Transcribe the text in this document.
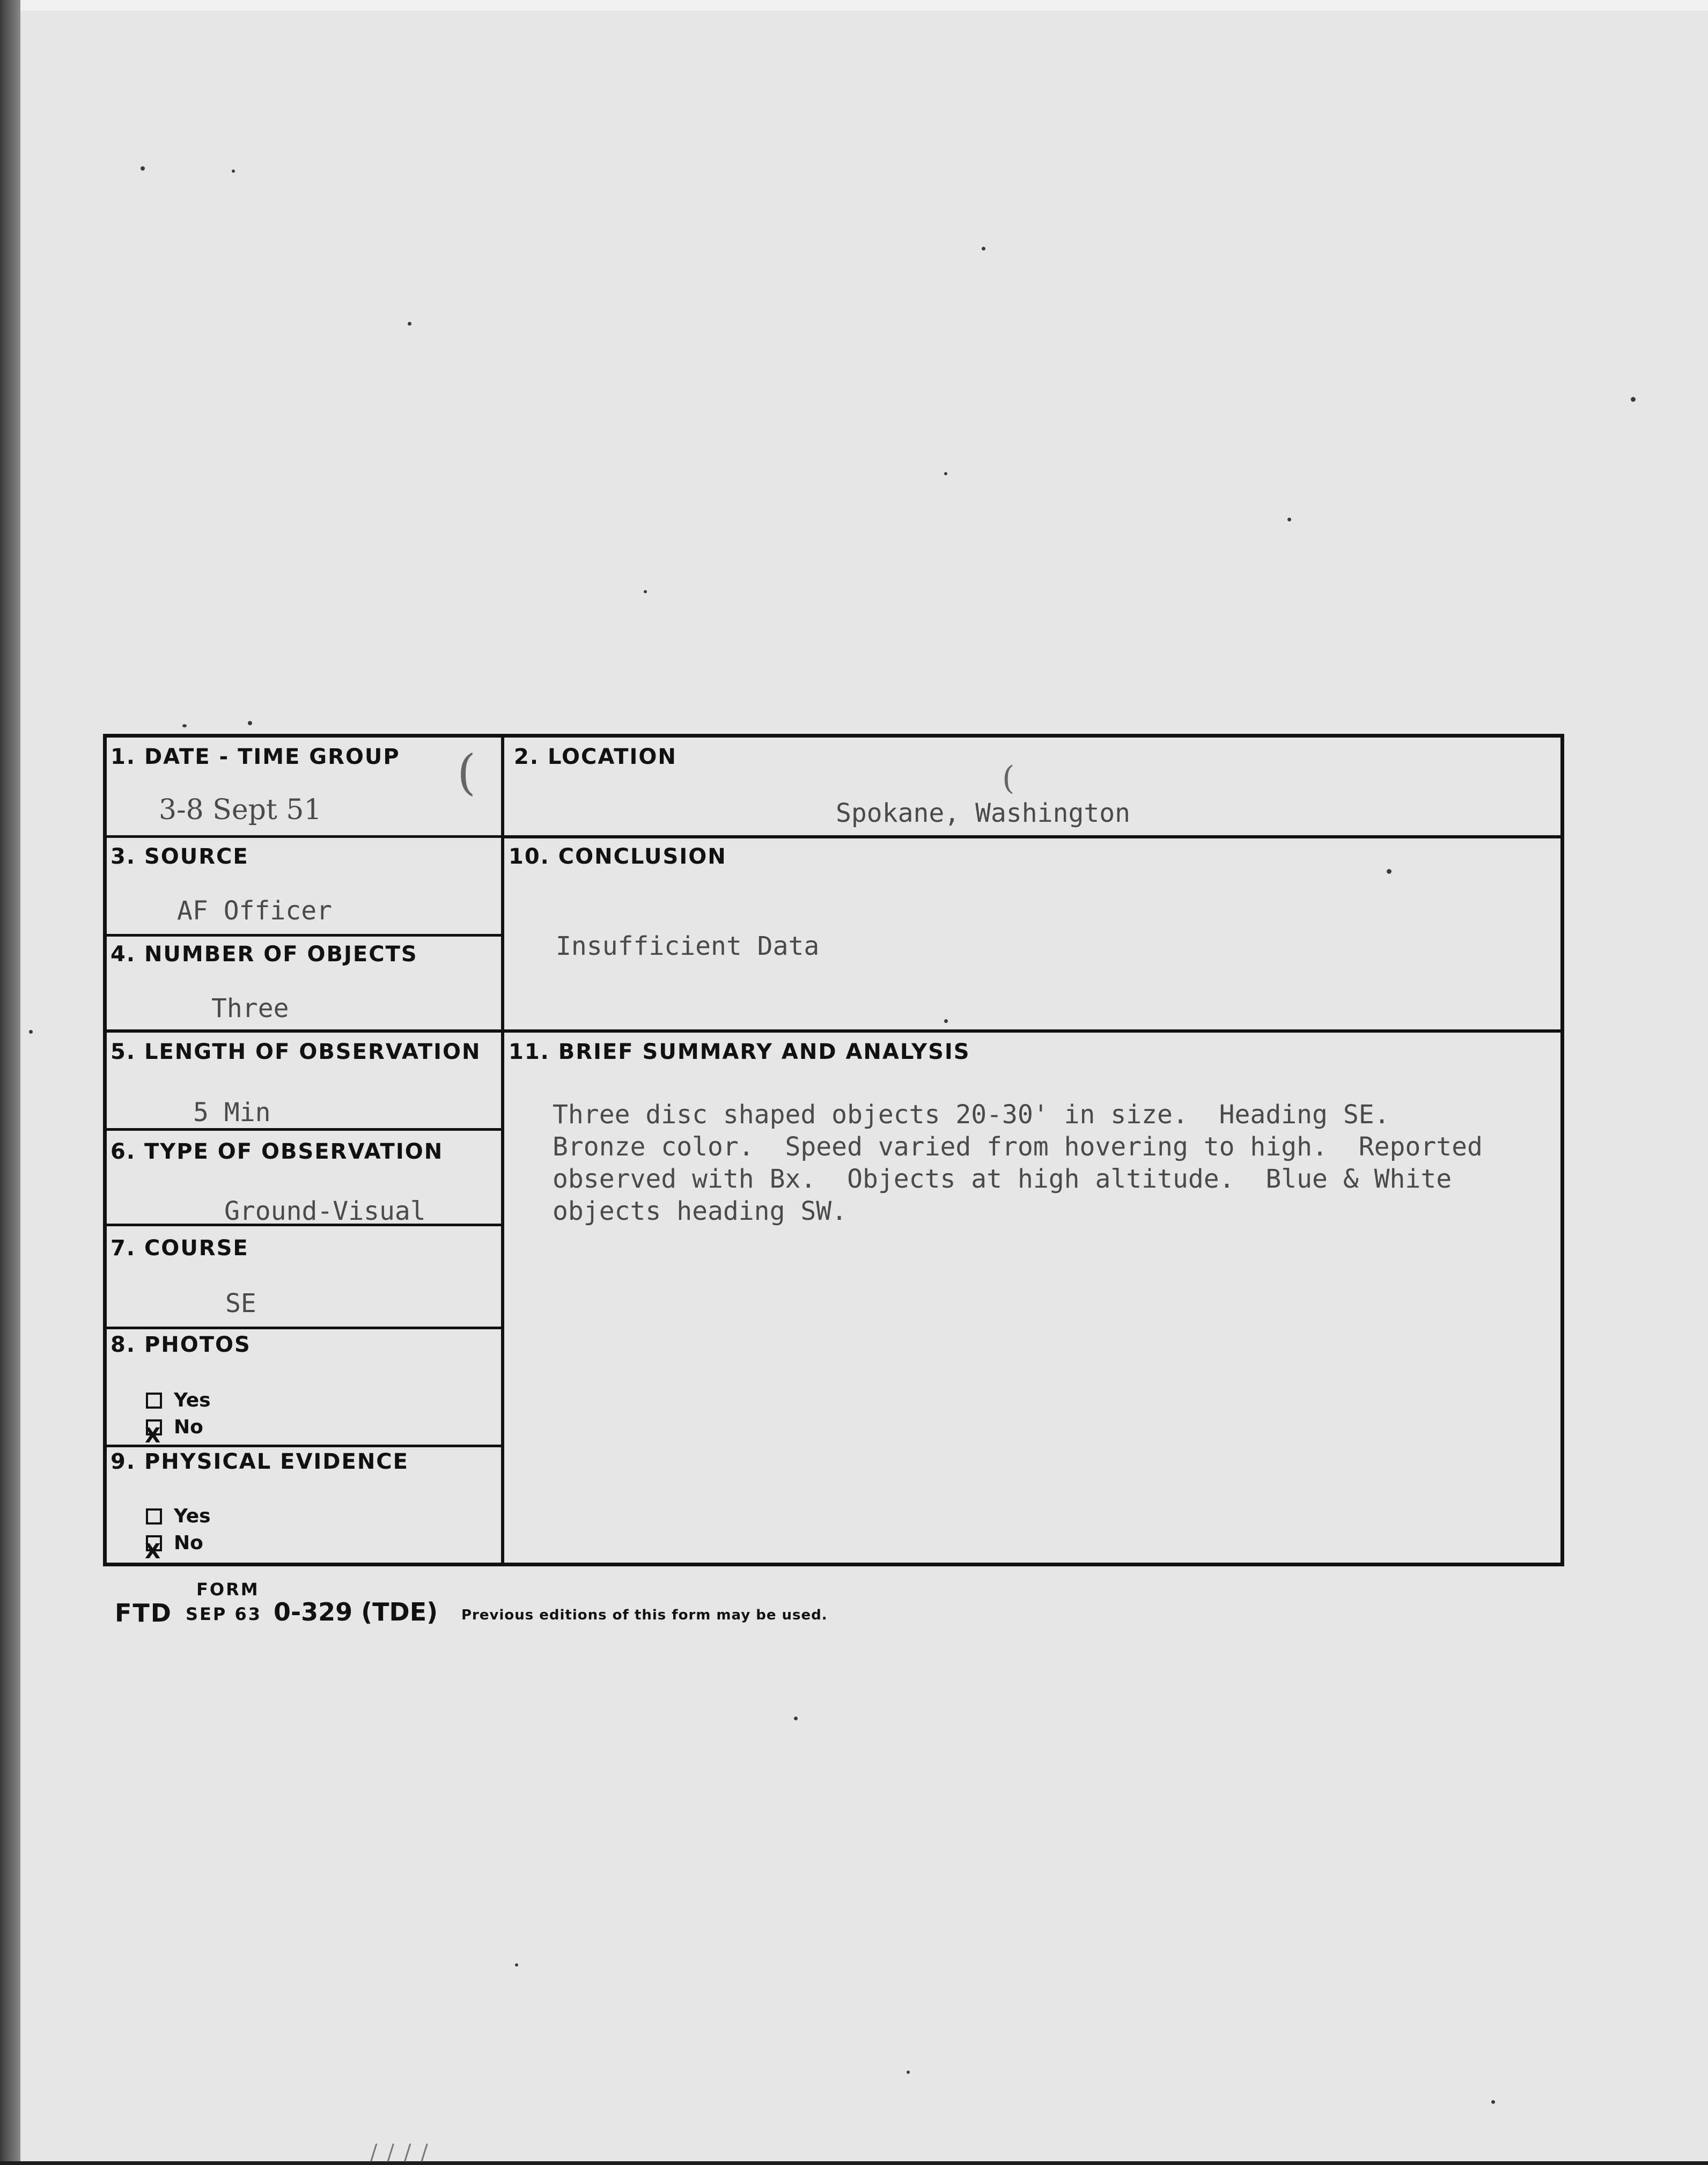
1. DATE - TIME GROUP
3-8 Sept 51
(	(
2. LOCATION
Spokane, Washington
3. SOURCE
AF Officer
10. CONCLUSION
Insufficient Data
4. NUMBER OF OBJECTS
Three
5. LENGTH OF OBSERVATION
5 Min
11. BRIEF SUMMARY AND ANALYSIS
Three disc shaped objects 20-30' in size.  Heading SE.
Bronze color.  Speed varied from hovering to high.  Reported
observed with Bx.  Objects at high altitude.  Blue & White
objects heading SW.
6. TYPE OF OBSERVATION
Ground-Visual
7. COURSE
SE
8. PHOTOS
Yes
X
No
9. PHYSICAL EVIDENCE
Yes
X
No
FORM
FTD SEP 63 0-329 (TDE) Previous editions of this form may be used.
////
